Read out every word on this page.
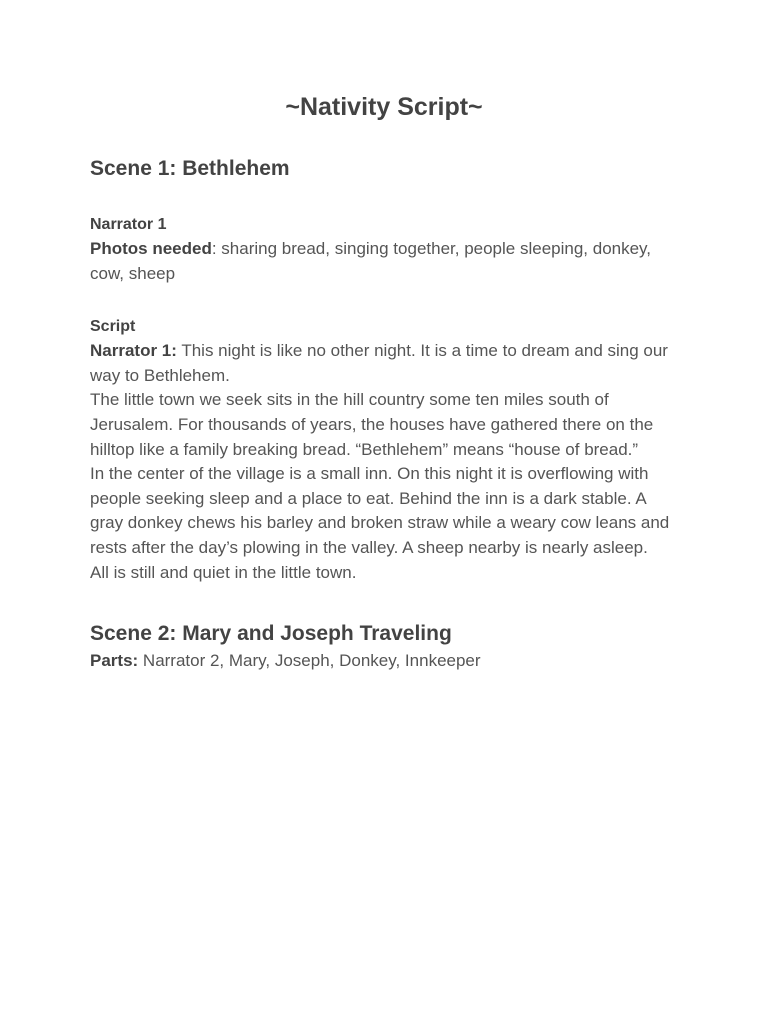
~Nativity Script~
Scene 1: Bethlehem
Narrator 1

Photos needed: sharing bread, singing together, people sleeping, donkey, cow, sheep

Script

Narrator 1: This night is like no other night. It is a time to dream and sing our way to Bethlehem.

The little town we seek sits in the hill country some ten miles south of Jerusalem. For thousands of years, the houses have gathered there on the hilltop like a family breaking bread. “Bethlehem” means “house of bread.”

In the center of the village is a small inn. On this night it is overflowing with people seeking sleep and a place to eat. Behind the inn is a dark stable. A gray donkey chews his barley and broken straw while a weary cow leans and rests after the day’s plowing in the valley. A sheep nearby is nearly asleep.

All is still and quiet in the little town.

Scene 2: Mary and Joseph Traveling

Parts: Narrator 2, Mary, Joseph, Donkey, Innkeeper
